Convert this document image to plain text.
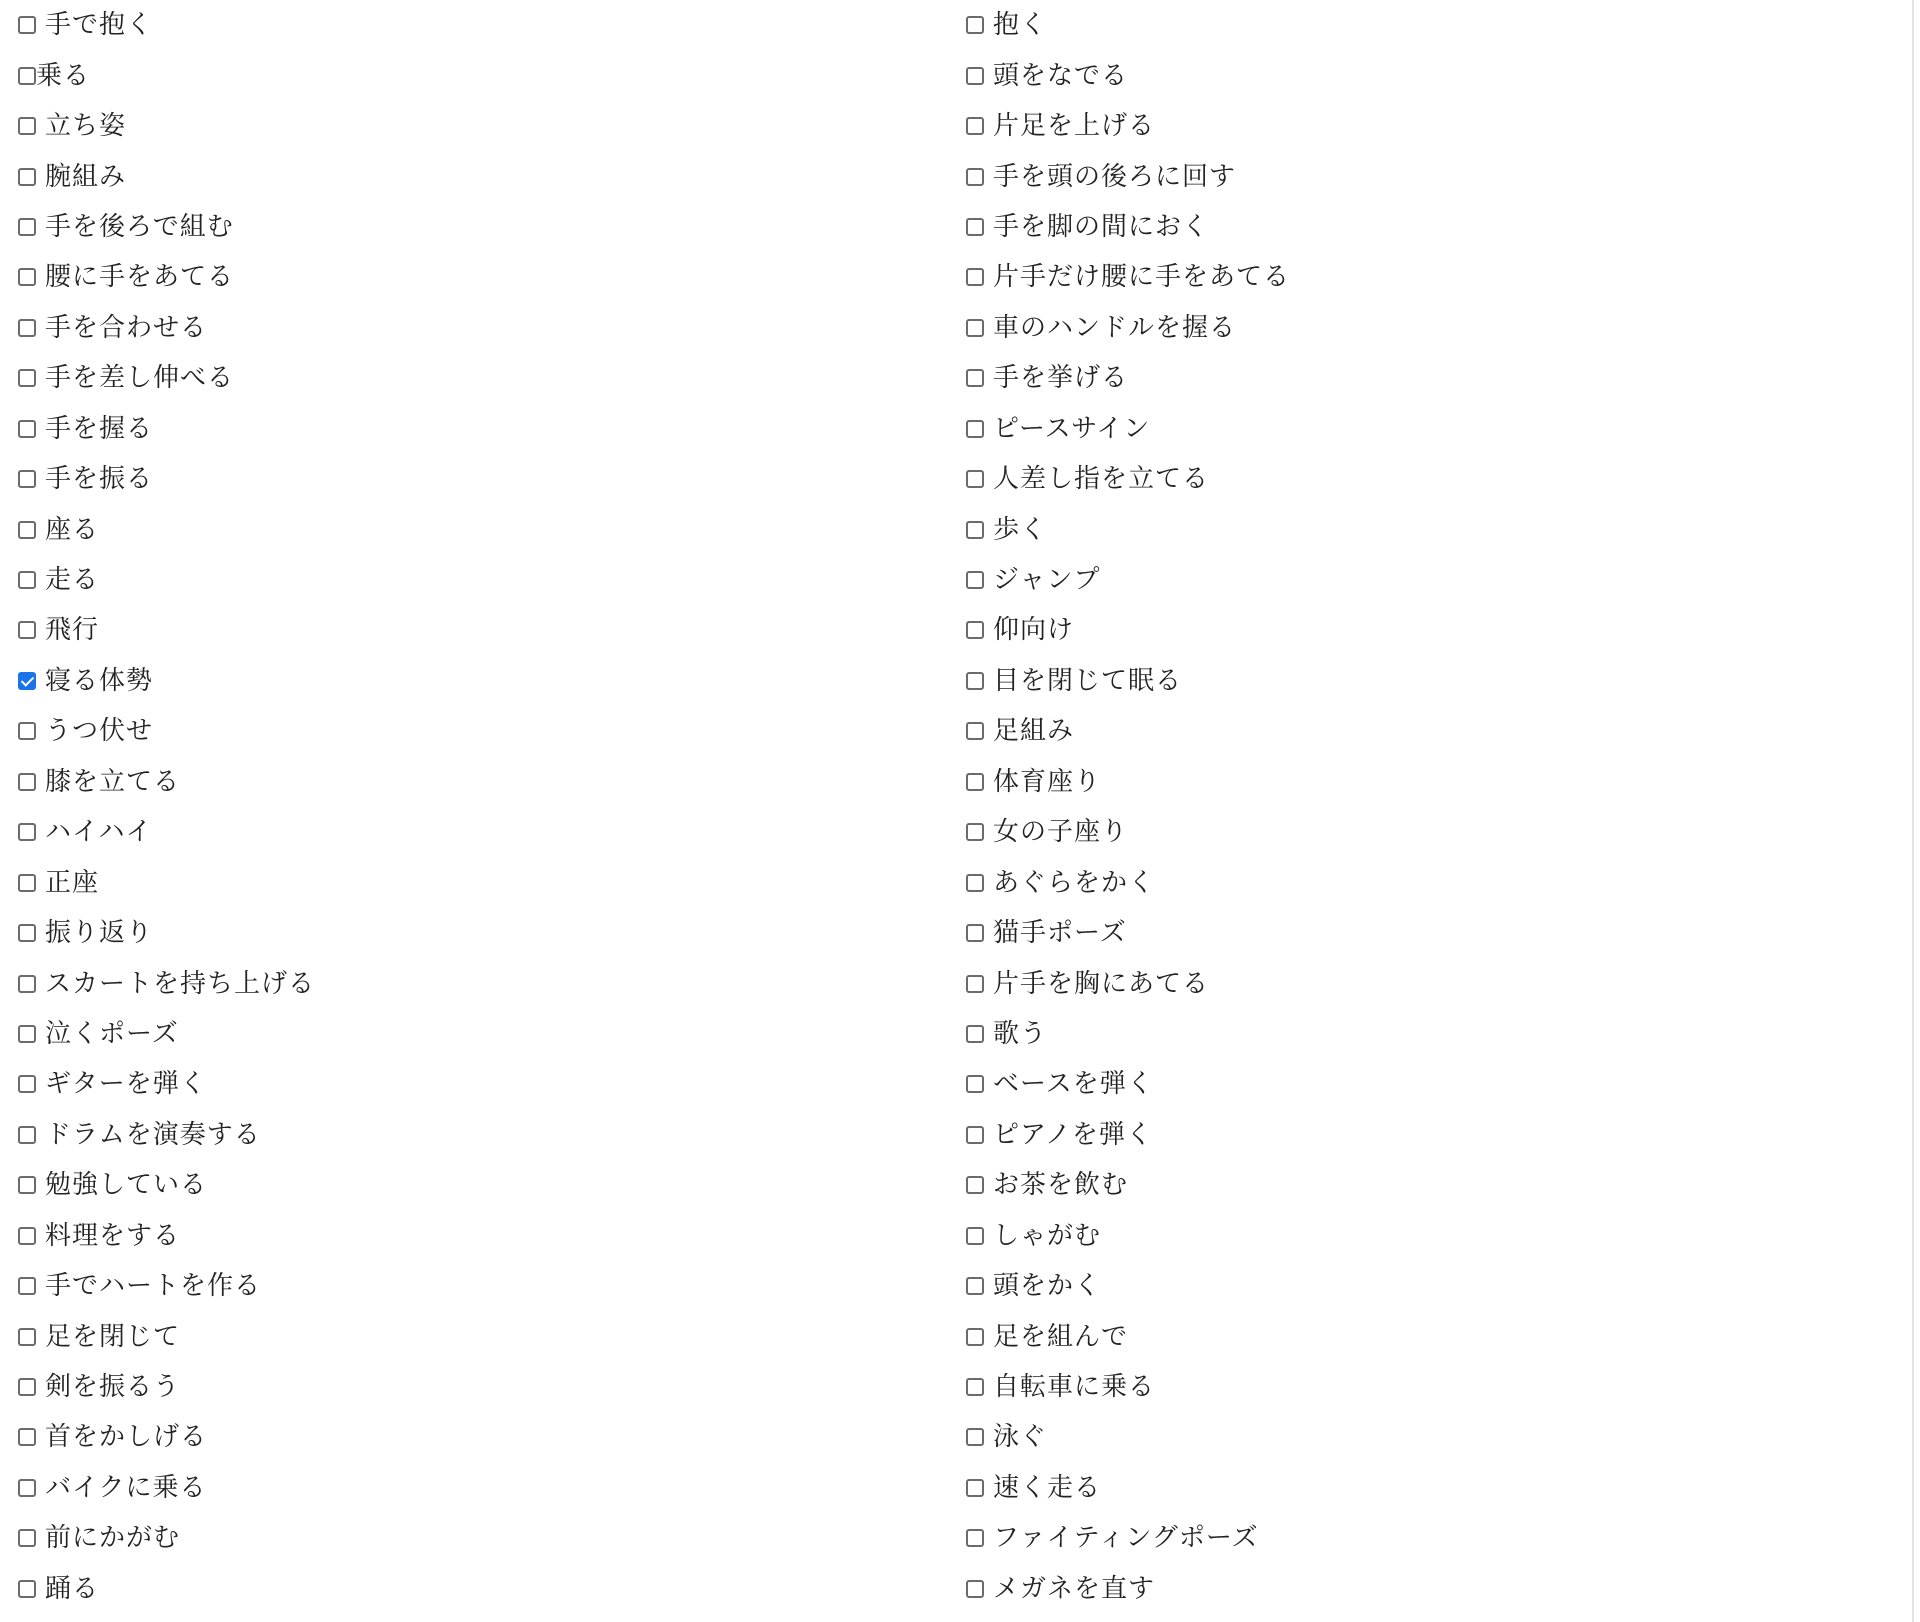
手で抱く
乗る
立ち姿
腕組み
手を後ろで組む
腰に手をあてる
手を合わせる
手を差し伸べる
手を握る
手を振る
座る
走る
飛行
寝る体勢
うつ伏せ
膝を立てる
ハイハイ
正座
振り返り
スカートを持ち上げる
泣くポーズ
ギターを弾く
ドラムを演奏する
勉強している
料理をする
手でハートを作る
足を閉じて
剣を振るう
首をかしげる
バイクに乗る
前にかがむ
踊る
抱く
頭をなでる
片足を上げる
手を頭の後ろに回す
手を脚の間におく
片手だけ腰に手をあてる
車のハンドルを握る
手を挙げる
ピースサイン
人差し指を立てる
歩く
ジャンプ
仰向け
目を閉じて眠る
足組み
体育座り
女の子座り
あぐらをかく
猫手ポーズ
片手を胸にあてる
歌う
ベースを弾く
ピアノを弾く
お茶を飲む
しゃがむ
頭をかく
足を組んで
自転車に乗る
泳ぐ
速く走る
ファイティングポーズ
メガネを直す
